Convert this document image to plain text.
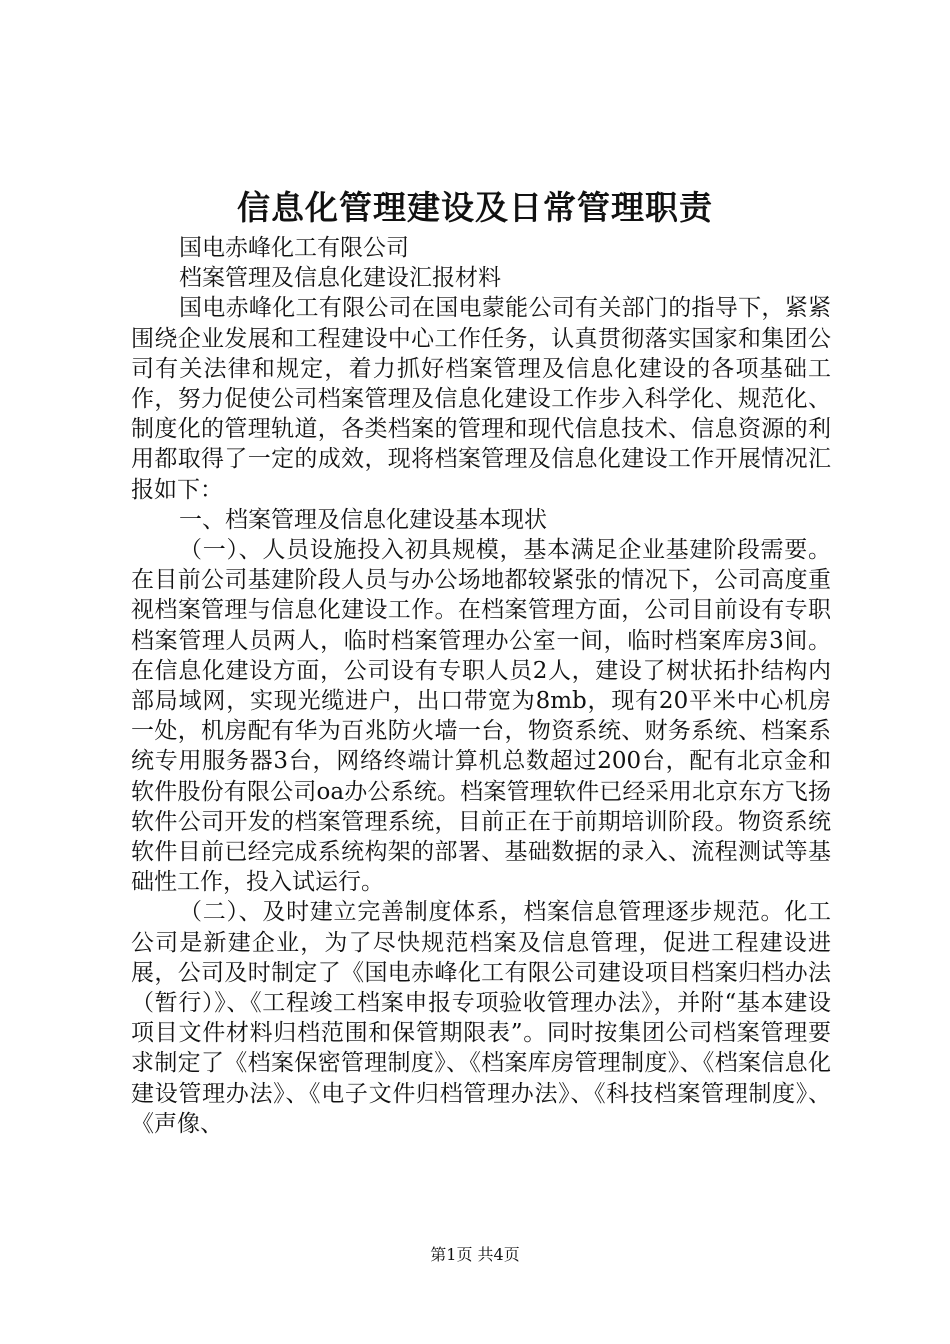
信息化管理建设及日常管理职责

国电赤峰化工有限公司

档案管理及信息化建设汇报材料

国电赤峰化工有限公司在国电蒙能公司有关部门的指导下，紧紧围绕企业发展和工程建设中心工作任务，认真贯彻落实国家和集团公司有关法律和规定，着力抓好档案管理及信息化建设的各项基础工作，努力促使公司档案管理及信息化建设工作步入科学化、规范化、制度化的管理轨道，各类档案的管理和现代信息技术、信息资源的利用都取得了一定的成效，现将档案管理及信息化建设工作开展情况汇报如下：

一、档案管理及信息化建设基本现状

（一）、人员设施投入初具规模，基本满足企业基建阶段需要。在目前公司基建阶段人员与办公场地都较紧张的情况下，公司高度重视档案管理与信息化建设工作。在档案管理方面，公司目前设有专职档案管理人员两人，临时档案管理办公室一间，临时档案库房3间。在信息化建设方面，公司设有专职人员2人，建设了树状拓扑结构内部局域网，实现光缆进户，出口带宽为8mb，现有20平米中心机房一处，机房配有华为百兆防火墙一台，物资系统、财务系统、档案系统专用服务器3台，网络终端计算机总数超过200台，配有北京金和软件股份有限公司oa办公系统。档案管理软件已经采用北京东方飞扬软件公司开发的档案管理系统，目前正在于前期培训阶段。物资系统软件目前已经完成系统构架的部署、基础数据的录入、流程测试等基础性工作，投入试运行。

（二）、及时建立完善制度体系，档案信息管理逐步规范。化工公司是新建企业，为了尽快规范档案及信息管理，促进工程建设进展，公司及时制定了《国电赤峰化工有限公司建设项目档案归档办法（暂行）》、《工程竣工档案申报专项验收管理办法》，并附“基本建设项目文件材料归档范围和保管期限表”。同时按集团公司档案管理要求制定了《档案保密管理制度》、《档案库房管理制度》、《档案信息化建设管理办法》、《电子文件归档管理办法》、《科技档案管理制度》、《声像、

第1页 共4页
